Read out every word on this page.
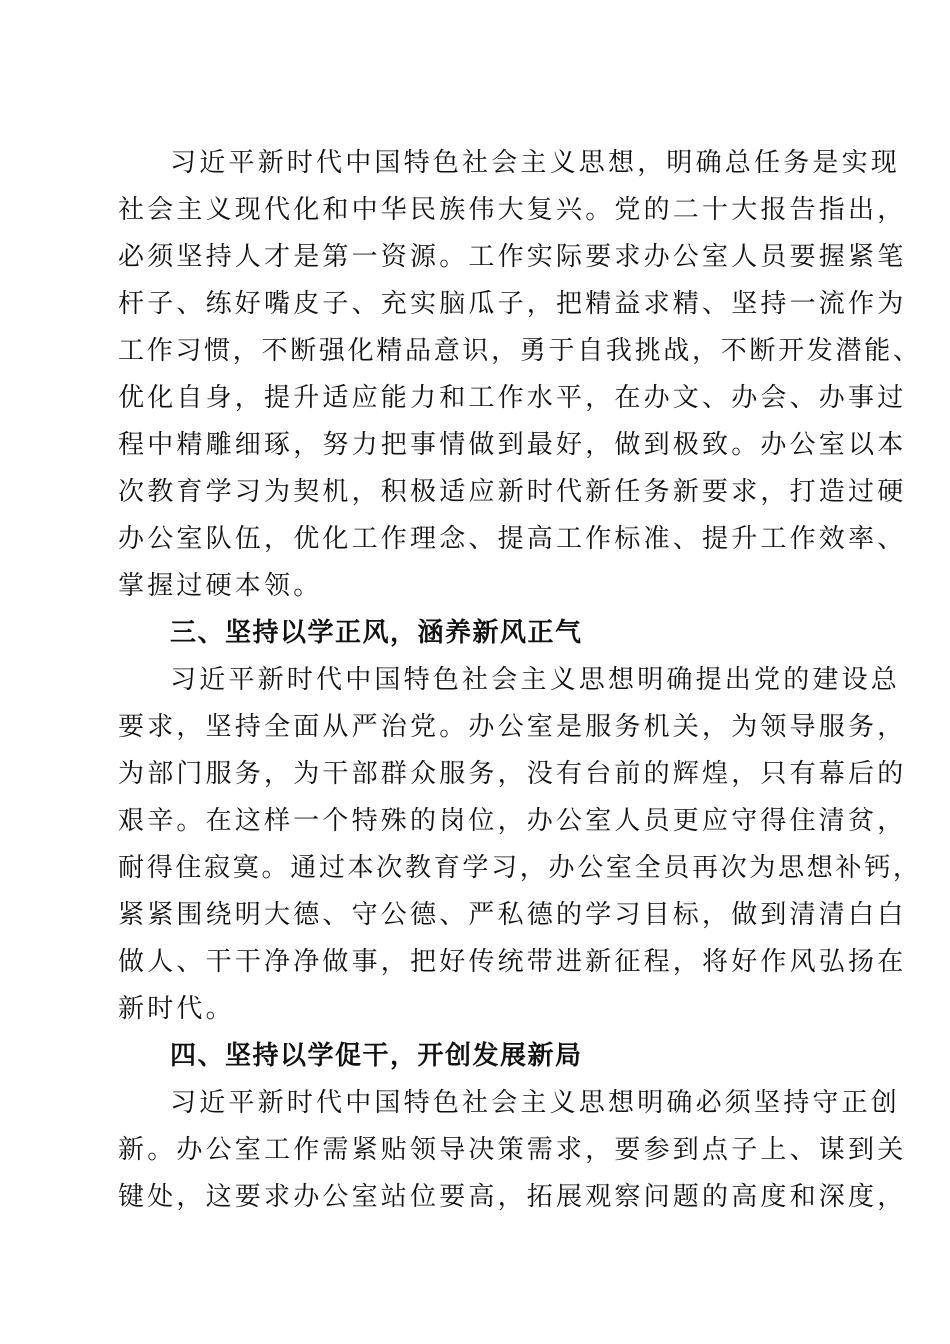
习近平新时代中国特色社会主义思想，明确总任务是实现
社会主义现代化和中华民族伟大复兴。党的二十大报告指出，
必须坚持人才是第一资源。工作实际要求办公室人员要握紧笔
杆子、练好嘴皮子、充实脑瓜子，把精益求精、坚持一流作为
工作习惯，不断强化精品意识，勇于自我挑战，不断开发潜能、
优化自身，提升适应能力和工作水平，在办文、办会、办事过
程中精雕细琢，努力把事情做到最好，做到极致。办公室以本
次教育学习为契机，积极适应新时代新任务新要求，打造过硬
办公室队伍，优化工作理念、提高工作标准、提升工作效率、
掌握过硬本领。
三、坚持以学正风，涵养新风正气
习近平新时代中国特色社会主义思想明确提出党的建设总
要求，坚持全面从严治党。办公室是服务机关，为领导服务，
为部门服务，为干部群众服务，没有台前的辉煌，只有幕后的
艰辛。在这样一个特殊的岗位，办公室人员更应守得住清贫，
耐得住寂寞。通过本次教育学习，办公室全员再次为思想补钙，
紧紧围绕明大德、守公德、严私德的学习目标，做到清清白白
做人、干干净净做事，把好传统带进新征程，将好作风弘扬在
新时代。
四、坚持以学促干，开创发展新局
习近平新时代中国特色社会主义思想明确必须坚持守正创
新。办公室工作需紧贴领导决策需求，要参到点子上、谋到关
键处，这要求办公室站位要高，拓展观察问题的高度和深度，
